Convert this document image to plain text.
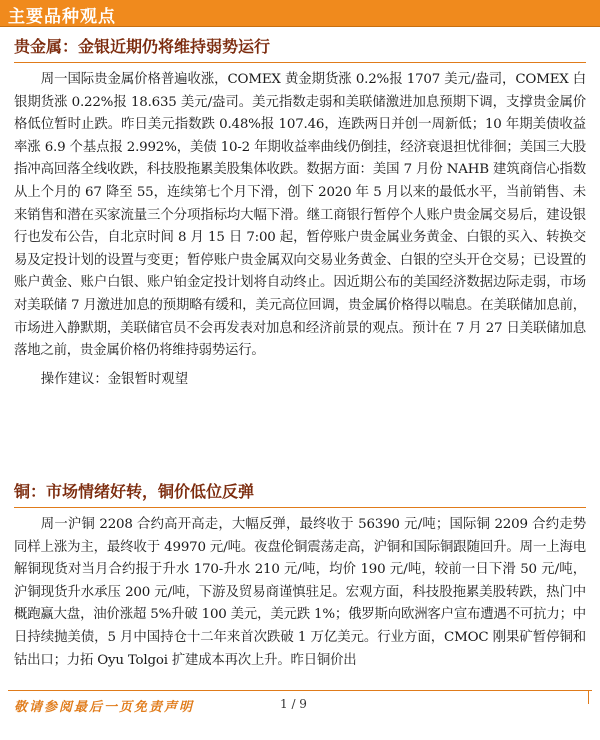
主要品种观点
贵金属：金银近期仍将维持弱势运行

周一国际贵金属价格普遍收涨，COMEX 黄金期货涨 0.2%报 1707 美元/盎司，COMEX 白银期货涨 0.22%报 18.635 美元/盎司。美元指数走弱和美联储激进加息预期下调，支撑贵金属价格低位暂时止跌。昨日美元指数跌 0.48%报 107.46，连跌两日并创一周新低；10 年期美债收益率涨 6.9 个基点报 2.992%，美债 10-2 年期收益率曲线仍倒挂，经济衰退担忧徘徊；美国三大股指冲高回落全线收跌，科技股拖累美股集体收跌。数据方面：美国 7 月份 NAHB 建筑商信心指数从上个月的 67 降至 55，连续第七个月下滑，创下 2020 年 5 月以来的最低水平，当前销售、未来销售和潜在买家流量三个分项指标均大幅下滑。继工商银行暂停个人账户贵金属交易后，建设银行也发布公告，自北京时间 8 月 15 日 7:00 起，暂停账户贵金属业务黄金、白银的买入、转换交易及定投计划的设置与变更；暂停账户贵金属双向交易业务黄金、白银的空头开仓交易；已设置的账户黄金、账户白银、账户铂金定投计划将自动终止。因近期公布的美国经济数据边际走弱，市场对美联储 7 月激进加息的预期略有缓和，美元高位回调，贵金属价格得以喘息。在美联储加息前，市场进入静默期，美联储官员不会再发表对加息和经济前景的观点。预计在 7 月 27 日美联储加息落地之前，贵金属价格仍将维持弱势运行。

操作建议：金银暂时观望

铜：市场情绪好转，铜价低位反弹

周一沪铜 2208 合约高开高走，大幅反弹，最终收于 56390 元/吨；国际铜 2209 合约走势同样上涨为主，最终收于 49970 元/吨。夜盘伦铜震荡走高，沪铜和国际铜跟随回升。周一上海电解铜现货对当月合约报于升水 170-升水 210 元/吨，均价 190 元/吨，较前一日下滑 50 元/吨，沪铜现货升水承压 200 元/吨，下游及贸易商谨慎驻足。宏观方面，科技股拖累美股转跌，热门中概跑赢大盘，油价涨超 5%升破 100 美元，美元跌 1%；俄罗斯向欧洲客户宣布遭遇不可抗力；中日持续抛美债，5 月中国持仓十二年来首次跌破 1 万亿美元。行业方面，CMOC 刚果矿暂停铜和钴出口；力拓 Oyu Tolgoi 扩建成本再次上升。昨日铜价出

敬请参阅最后一页免责声明	1 / 9
